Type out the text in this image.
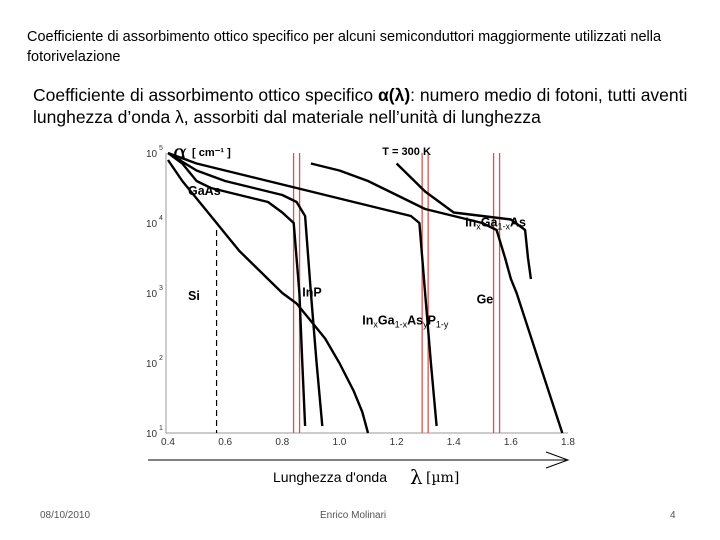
Coefficiente di assorbimento ottico specifico per alcuni semiconduttori maggiormente utilizzati nella fotorivelazione
Coefficiente di assorbimento ottico specifico α(λ): numero medio di fotoni, tutti aventi lunghezza d’onda λ, assorbiti dal materiale nell’unità di lunghezza
0.4	0.6	0.8	1.0	1.2	1.4	1.6	1.8
10
5
10
4
10
3
10
2
10
1
Si
GaAs
InP	Ge
$In_xGa_{1-x}As_yP_{1-y}$
$In_xGa_{1-x}As$
T = 300 K
α [ cm⁻¹ ]
Lunghezza d'onda λ [µm]
08/10/2010	Enrico Molinari	4
